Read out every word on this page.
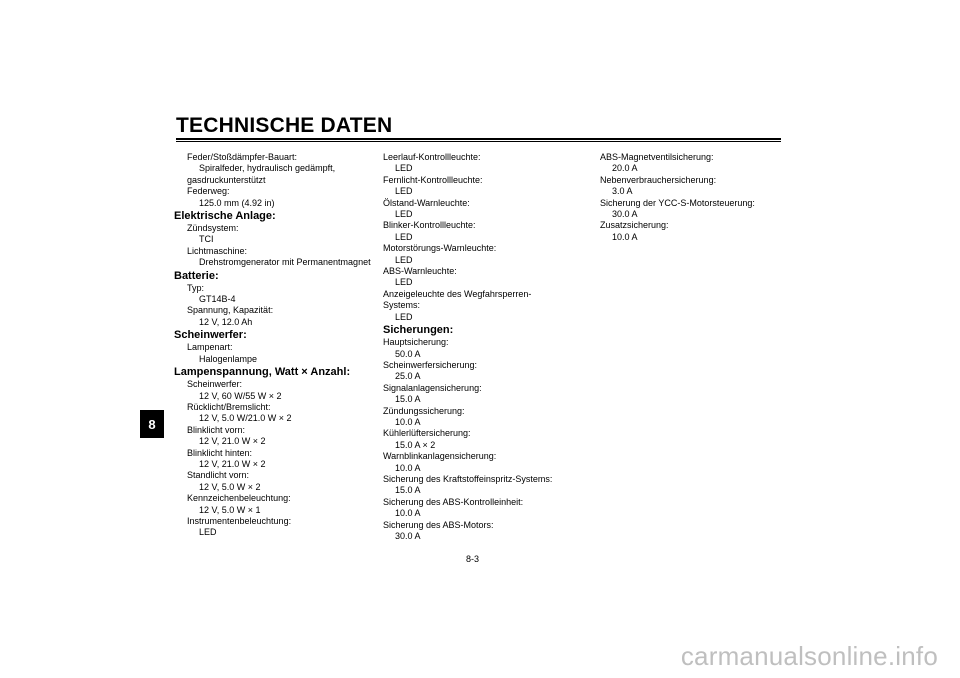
TECHNISCHE DATEN
8
Feder/Stoßdämpfer-Bauart:
Spiralfeder, hydraulisch gedämpft,
gasdruckunterstützt
Federweg:
125.0 mm (4.92 in)
Elektrische Anlage:
Zündsystem:
TCI
Lichtmaschine:
Drehstromgenerator mit Permanentmagnet
Batterie:
Typ:
GT14B-4
Spannung, Kapazität:
12 V, 12.0 Ah
Scheinwerfer:
Lampenart:
Halogenlampe
Lampenspannung, Watt × Anzahl:
Scheinwerfer:
12 V, 60 W/55 W × 2
Rücklicht/Bremslicht:
12 V, 5.0 W/21.0 W × 2
Blinklicht vorn:
12 V, 21.0 W × 2
Blinklicht hinten:
12 V, 21.0 W × 2
Standlicht vorn:
12 V, 5.0 W × 2
Kennzeichenbeleuchtung:
12 V, 5.0 W × 1
Instrumentenbeleuchtung:
LED
Leerlauf-Kontrollleuchte:
LED
Fernlicht-Kontrollleuchte:
LED
Ölstand-Warnleuchte:
LED
Blinker-Kontrollleuchte:
LED
Motorstörungs-Warnleuchte:
LED
ABS-Warnleuchte:
LED
Anzeigeleuchte des Wegfahrsperren-
Systems:
LED
Sicherungen:
Hauptsicherung:
50.0 A
Scheinwerfersicherung:
25.0 A
Signalanlagensicherung:
15.0 A
Zündungssicherung:
10.0 A
Kühlerlüftersicherung:
15.0 A × 2
Warnblinkanlagensicherung:
10.0 A
Sicherung des Kraftstoffeinspritz-Systems:
15.0 A
Sicherung des ABS-Kontrolleinheit:
10.0 A
Sicherung des ABS-Motors:
30.0 A
ABS-Magnetventilsicherung:
20.0 A
Nebenverbrauchersicherung:
3.0 A
Sicherung der YCC-S-Motorsteuerung:
30.0 A
Zusatzsicherung:
10.0 A
8-3
carmanualsonline.info
